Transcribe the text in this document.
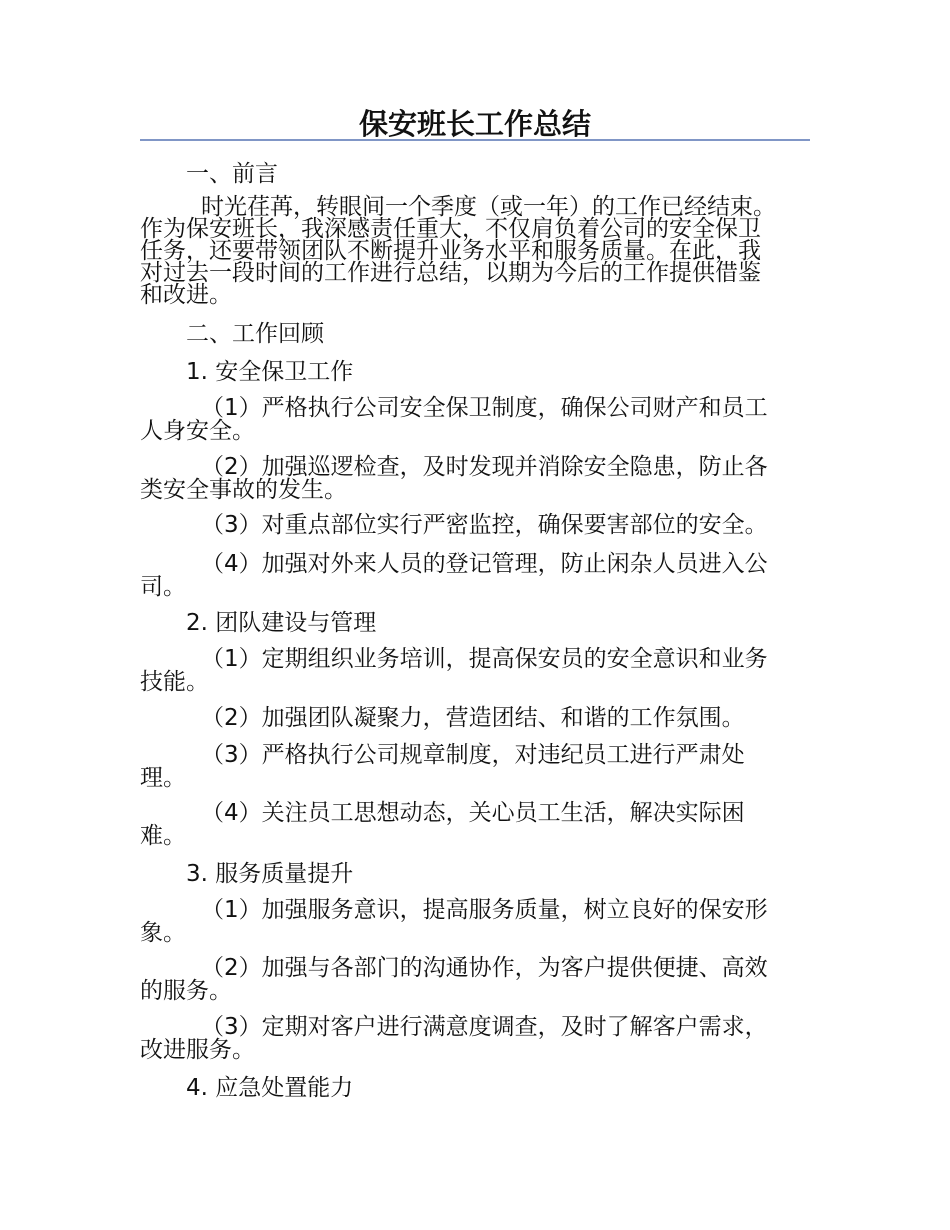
保安班长工作总结

一、前言

时光荏苒，转眼间一个季度（或一年）的工作已经结束。
作为保安班长，我深感责任重大，不仅肩负着公司的安全保卫
任务，还要带领团队不断提升业务水平和服务质量。在此，我
对过去一段时间的工作进行总结，以期为今后的工作提供借鉴
和改进。

二、工作回顾

1. 安全保卫工作

（1）严格执行公司安全保卫制度，确保公司财产和员工
人身安全。

（2）加强巡逻检查，及时发现并消除安全隐患，防止各
类安全事故的发生。

（3）对重点部位实行严密监控，确保要害部位的安全。

（4）加强对外来人员的登记管理，防止闲杂人员进入公
司。

2. 团队建设与管理

（1）定期组织业务培训，提高保安员的安全意识和业务
技能。

（2）加强团队凝聚力，营造团结、和谐的工作氛围。

（3）严格执行公司规章制度，对违纪员工进行严肃处
理。

（4）关注员工思想动态，关心员工生活，解决实际困
难。

3. 服务质量提升

（1）加强服务意识，提高服务质量，树立良好的保安形
象。

（2）加强与各部门的沟通协作，为客户提供便捷、高效
的服务。

（3）定期对客户进行满意度调查，及时了解客户需求，
改进服务。

4. 应急处置能力
